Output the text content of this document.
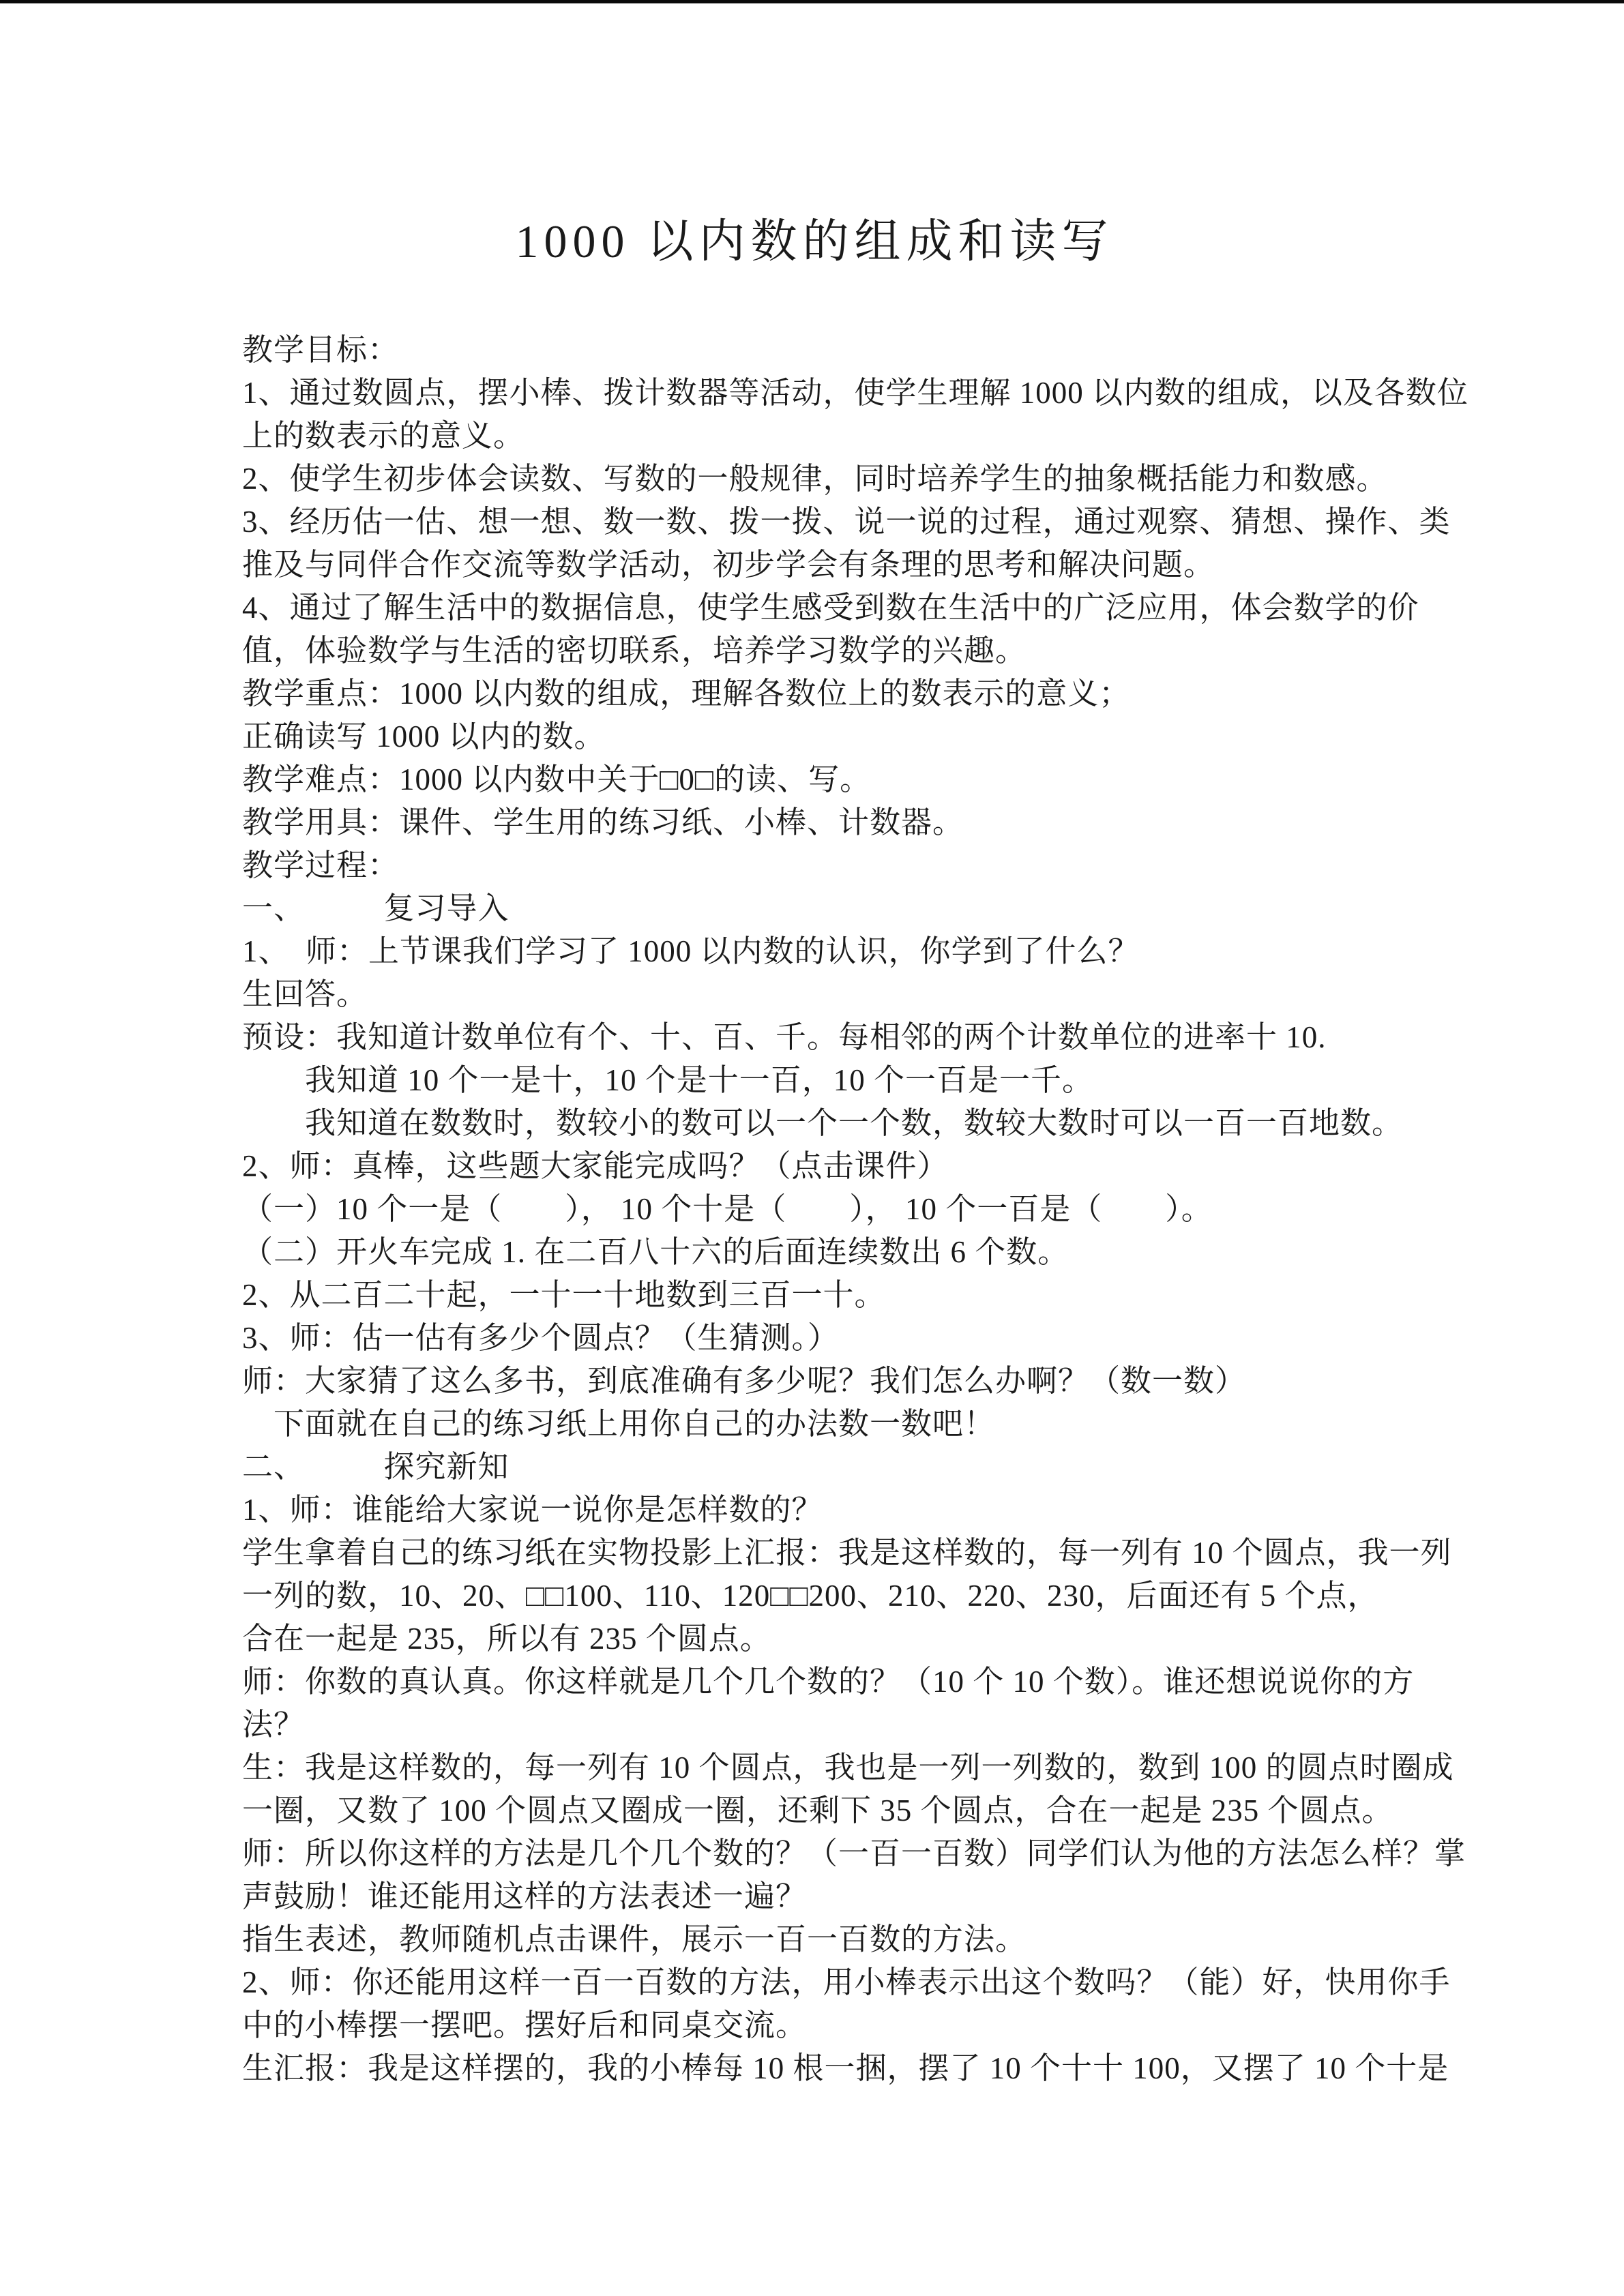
1000 以内数的组成和读写
教学目标：
1、通过数圆点，摆小棒、拨计数器等活动，使学生理解 1000 以内数的组成，以及各数位
上的数表示的意义。
2、使学生初步体会读数、写数的一般规律，同时培养学生的抽象概括能力和数感。
3、经历估一估、想一想、数一数、拨一拨、说一说的过程，通过观察、猜想、操作、类
推及与同伴合作交流等数学活动，初步学会有条理的思考和解决问题。
4、通过了解生活中的数据信息，使学生感受到数在生活中的广泛应用，体会数学的价
值，体验数学与生活的密切联系，培养学习数学的兴趣。
教学重点：1000 以内数的组成，理解各数位上的数表示的意义；
正确读写 1000 以内的数。
教学难点：1000 以内数中关于□0□的读、写。
教学用具：课件、学生用的练习纸、小棒、计数器。
教学过程：
一、　　　复习导入
1、　师：上节课我们学习了 1000 以内数的认识，你学到了什么？
生回答。
预设：我知道计数单位有个、十、百、千。每相邻的两个计数单位的进率十 10.
　　我知道 10 个一是十，10 个是十一百，10 个一百是一千。
　　我知道在数数时，数较小的数可以一个一个数，数较大数时可以一百一百地数。
2、师：真棒，这些题大家能完成吗？（点击课件）
（一）10 个一是（　　）， 10 个十是（　　）， 10 个一百是（　　）。
（二）开火车完成 1. 在二百八十六的后面连续数出 6 个数。
2、从二百二十起，一十一十地数到三百一十。
3、师：估一估有多少个圆点？（生猜测。）
师：大家猜了这么多书，到底准确有多少呢？我们怎么办啊？（数一数）
　下面就在自己的练习纸上用你自己的办法数一数吧！
二、　　　探究新知
1、师：谁能给大家说一说你是怎样数的？
学生拿着自己的练习纸在实物投影上汇报：我是这样数的，每一列有 10 个圆点，我一列
一列的数，10、20、□□100、110、120□□200、210、220、230，后面还有 5 个点，
合在一起是 235，所以有 235 个圆点。
师：你数的真认真。你这样就是几个几个数的？（10 个 10 个数）。谁还想说说你的方
法？
生：我是这样数的，每一列有 10 个圆点，我也是一列一列数的，数到 100 的圆点时圈成
一圈，又数了 100 个圆点又圈成一圈，还剩下 35 个圆点，合在一起是 235 个圆点。
师：所以你这样的方法是几个几个数的？（一百一百数）同学们认为他的方法怎么样？掌
声鼓励！谁还能用这样的方法表述一遍？
指生表述，教师随机点击课件，展示一百一百数的方法。
2、师：你还能用这样一百一百数的方法，用小棒表示出这个数吗？（能）好，快用你手
中的小棒摆一摆吧。摆好后和同桌交流。
生汇报：我是这样摆的，我的小棒每 10 根一捆，摆了 10 个十十 100，又摆了 10 个十是
